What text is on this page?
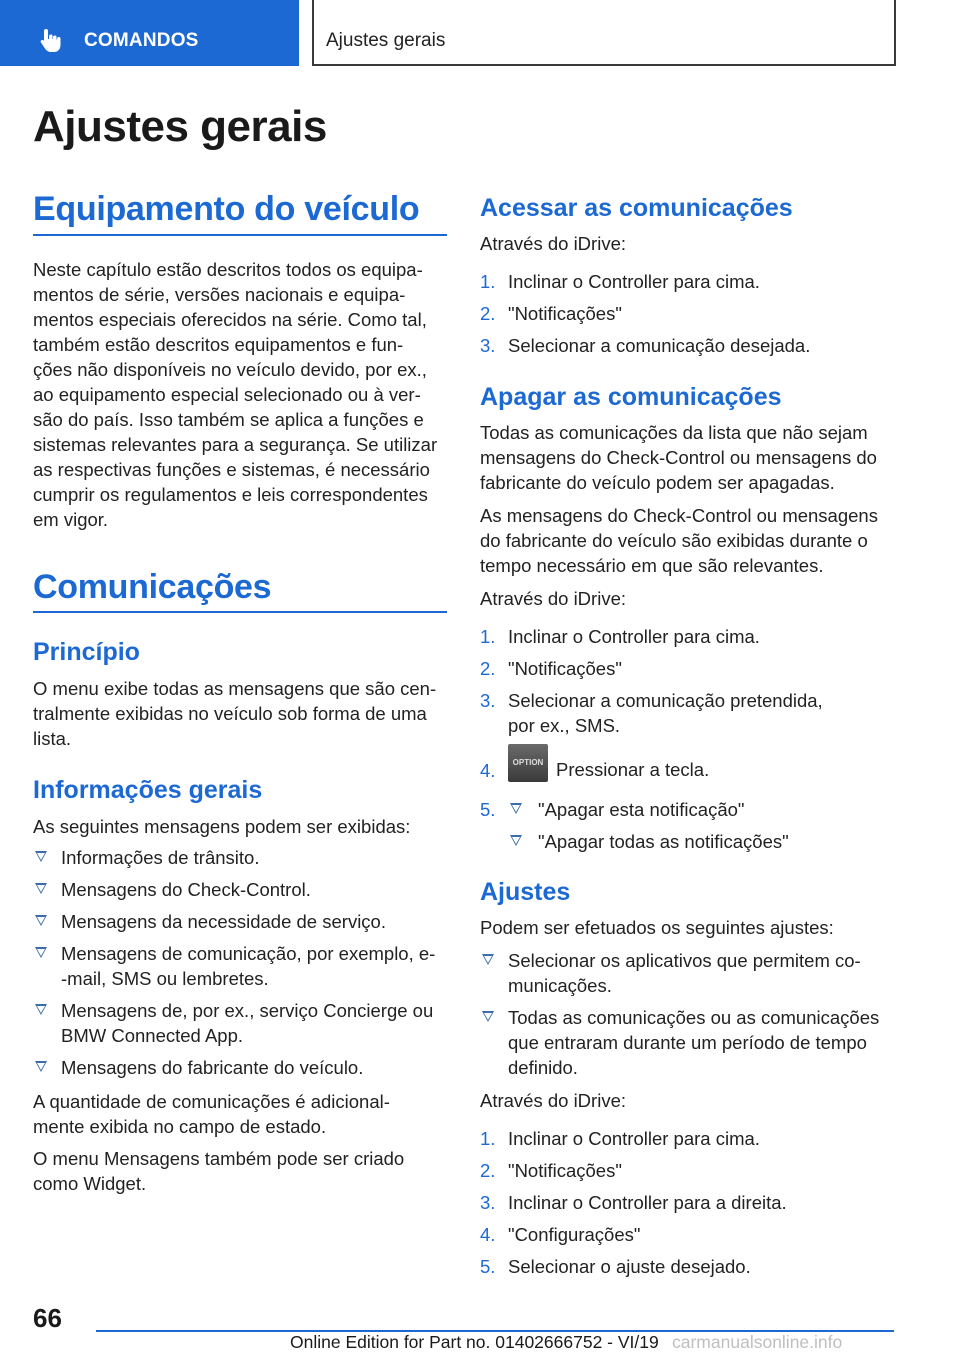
COMANDOS	Ajustes gerais
Ajustes gerais
Equipamento do veículo
Neste capítulo estão descritos todos os equipa‐
mentos de série, versões nacionais e equipa‐
mentos especiais oferecidos na série. Como tal,
também estão descritos equipamentos e fun‐
ções não disponíveis no veículo devido, por ex.,
ao equipamento especial selecionado ou à ver‐
são do país. Isso também se aplica a funções e
sistemas relevantes para a segurança. Se utilizar
as respectivas funções e sistemas, é necessário
cumprir os regulamentos e leis correspondentes
em vigor.
Comunicações
Princípio
O menu exibe todas as mensagens que são cen‐
tralmente exibidas no veículo sob forma de uma
lista.
Informações gerais
As seguintes mensagens podem ser exibidas:
Informações de trânsito.
Mensagens do Check-Control.
Mensagens da necessidade de serviço.
Mensagens de comunicação, por exemplo, e‐
-mail, SMS ou lembretes.
Mensagens de, por ex., serviço Concierge ou
BMW Connected App.
Mensagens do fabricante do veículo.
A quantidade de comunicações é adicional‐
mente exibida no campo de estado.
O menu Mensagens também pode ser criado
como Widget.
Acessar as comunicações
Através do iDrive:
1. Inclinar o Controller para cima.
2. "Notificações"
3. Selecionar a comunicação desejada.
Apagar as comunicações
Todas as comunicações da lista que não sejam
mensagens do Check-Control ou mensagens do
fabricante do veículo podem ser apagadas.
As mensagens do Check-Control ou mensagens
do fabricante do veículo são exibidas durante o
tempo necessário em que são relevantes.
Através do iDrive:
1. Inclinar o Controller para cima.
2. "Notificações"
3. Selecionar a comunicação pretendida,
por ex., SMS.
4.	OPTION Pressionar a tecla.
5.	"Apagar esta notificação"
"Apagar todas as notificações"
Ajustes
Podem ser efetuados os seguintes ajustes:
Selecionar os aplicativos que permitem co‐
municações.
Todas as comunicações ou as comunicações
que entraram durante um período de tempo
definido.
Através do iDrive:
1. Inclinar o Controller para cima.
2. "Notificações"
3. Inclinar o Controller para a direita.
4. "Configurações"
5. Selecionar o ajuste desejado.
66
Online Edition for Part no. 01402666752 - VI/19 carmanualsonline.info
